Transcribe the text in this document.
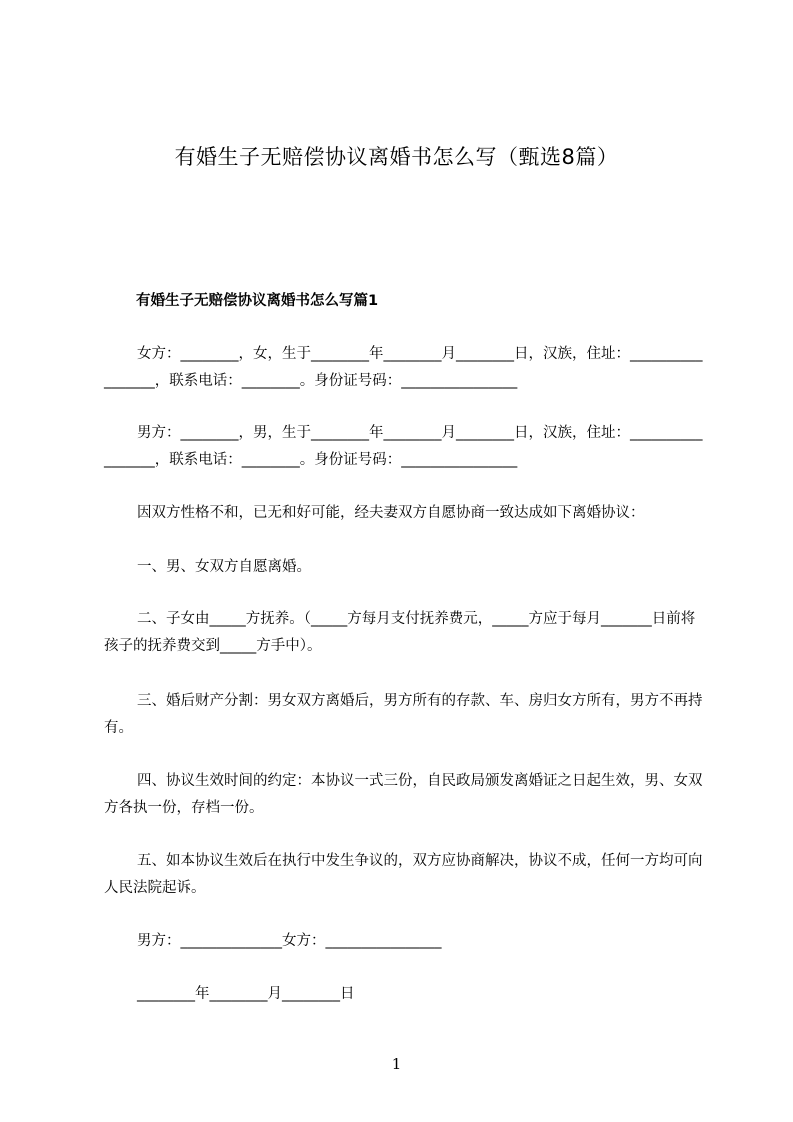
有婚生子无赔偿协议离婚书怎么写（甄选8篇）
有婚生子无赔偿协议离婚书怎么写篇1
女方：________，女，生于________年________月________日，汉族，住址：_________________，联系电话：________。身份证号码：________________
男方：________，男，生于________年________月________日，汉族，住址：_________________，联系电话：________。身份证号码：________________
因双方性格不和，已无和好可能，经夫妻双方自愿协商一致达成如下离婚协议：
一、男、女双方自愿离婚。
二、子女由_____方抚养。（_____方每月支付抚养费元，_____方应于每月_______日前将孩子的抚养费交到_____方手中）。
三、婚后财产分割：男女双方离婚后，男方所有的存款、车、房归女方所有，男方不再持有。
四、协议生效时间的约定：本协议一式三份，自民政局颁发离婚证之日起生效，男、女双方各执一份，存档一份。
五、如本协议生效后在执行中发生争议的，双方应协商解决，协议不成，任何一方均可向人民法院起诉。
男方：______________女方：________________
________年________月________日
1
